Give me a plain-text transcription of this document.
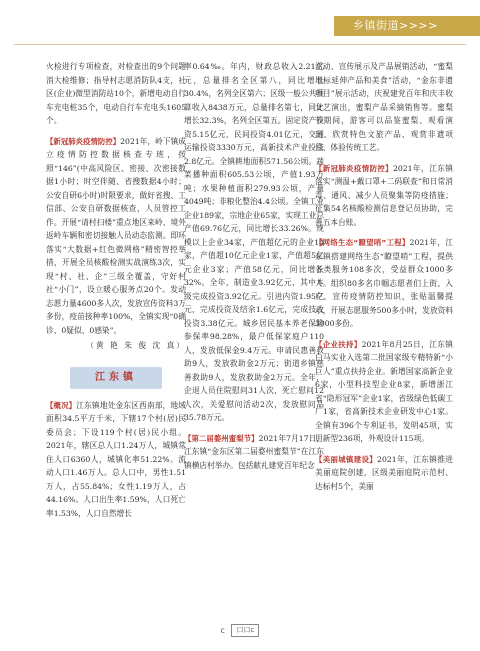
乡镇街道>>>>

火检进行专项检查，对检查出的9个问题消大检维修；指导村志愿消防队4支，社区(企业)微型消防站10个，新增电动自行车充电桩35个，电动自行车充电头1605个。

【新冠肺炎疫情防控】2021年，岭下镇成立疫情防控数据核查专班，按照“146”(中高风险区、密接、次密接数据1小时；时空伴随、省搜数据4小时；公安自研6小时)时限要求，做好省搜、工信部、公安自研数据核查，人员管控工作。开展“请村扫楼”重点地区来岭、境外返岭车辆和密切接触人员动态监测。即环落实“大数据+红色微网格”精密智控举措，开展全员核酸检测实战演练3次，实现“村、社、企”三级全覆盖，守好村社“小门”，设立暖心服务点20个。发动志愿力量4600多人次，发放宣传资料3万多份，疫苗接种率100%，全镇实现“0确诊、0疑似、0感染”。

（黄 艳 朱 俊 沈 真）
江东镇

【概况】江东镇地处金东区西南部，地域面积34.5平方千米，下辖17个村(居)民委员会；下设119个村(居)民小组。2021年，辖区总人口1.24万人，城镇常住人口6360人，城镇化率51.22%。流动人口1.46万人。总人口中，男性1.51万人，占55.84%；女性1.19万人，占44.16%。人口出生率1.59%，人口死亡率1.53%，人口自然增长

率0.64‰。年内，财政总收入2.21亿元，总量排名全区第八，同比增长30.4%，名列全区第六；区级一般公共预算收入8438万元，总量排名第七，同比增长32.3%，名列全区第五。固定资产投资5.15亿元，民间投资4.01亿元，交通运输投资3330万元，高新技术产业投资2.8亿元。全镇耕地面积571.56公顷。蔬菜播种面积605.53公顷，产值1.93万吨；水果种植面积279.93公顷，产量4049吨；非粮化整治4.4公顷。全镇工业企业189家，宗地企业65家，实现工业总产值69.76亿元，同比增长33.26%。规模以上企业34家，产值超亿元的企业14家，产值超10亿元企业1家，产值超5亿元企业3家；产值58亿元，同比增长32%。全年，制造业3.92亿元，其中本级完成投资3.92亿元。引进内资1.95亿元，完成投资及结余1.6亿元，完成技改投资3.38亿元。城乡居民基本养老保险参保率98.28%，最户低保家庭户110人，发放低保金9.4万元。申请民惠善救助9人，发放救助金2万元；街道乡镇慈善救助9人，发放救助金2万元。全年，企退人员住院慰问31人次，死亡慰问12人次，关爱慰问活动2次，发放慰问品35.78万元。

【第二届婺州蜜梨节】2021年7月17日，江东镇“金东区第二届婺州蜜梨节”在江东镇横店村举办。包括献礼建党百年纪念

活动、宣传展示及产品展销活动，“蜜梨地标延伸产品和美食”活动，“金东非遗项目”展示活动，庆祝建党百年和庆丰收文艺演出，蜜梨产品采摘销售等。蜜梨节期间，游客可以品鉴蜜梨、观看演出、欣赏特色文旅产品、观赏非遗项目、体验传统工艺。

【新冠肺炎疫情防控】2021年，江东镇落实“测温+戴口罩+二码联查”和日常消毒、通风、减少人员聚集等防疫措施；征集54名核酸检测信息登记员协助，完善五本台账。

【网络生态“瞭望哨”工程】2021年，江东镇搭建网络生态“瞭望哨”工程，提供各类服务108多次，受益群众1000多人。组织80多名巾帼志愿者们上街、入户，宣传疫情防控知识，张贴温馨提示，开展志愿服务500多小时，发放资料3000多份。

【企业扶持】2021年8月25日，江东镇白马实业入选第二批国家级专精特新“小巨人”重点扶持企业。新增国家高新企业6家，小型科技型企业8家，新增浙江省“隐形冠军”企业1家，省级绿色低碳工厂1家，省高新技术企业研发中心1家。全镇有396个专利证书，发明45项，实用新型236项，外观设计115项。

【美丽城镇建设】2021年，江东镇推进美丽庭院创建，区级美丽庭院示范村、达标村5个，美丽

c 口口c
